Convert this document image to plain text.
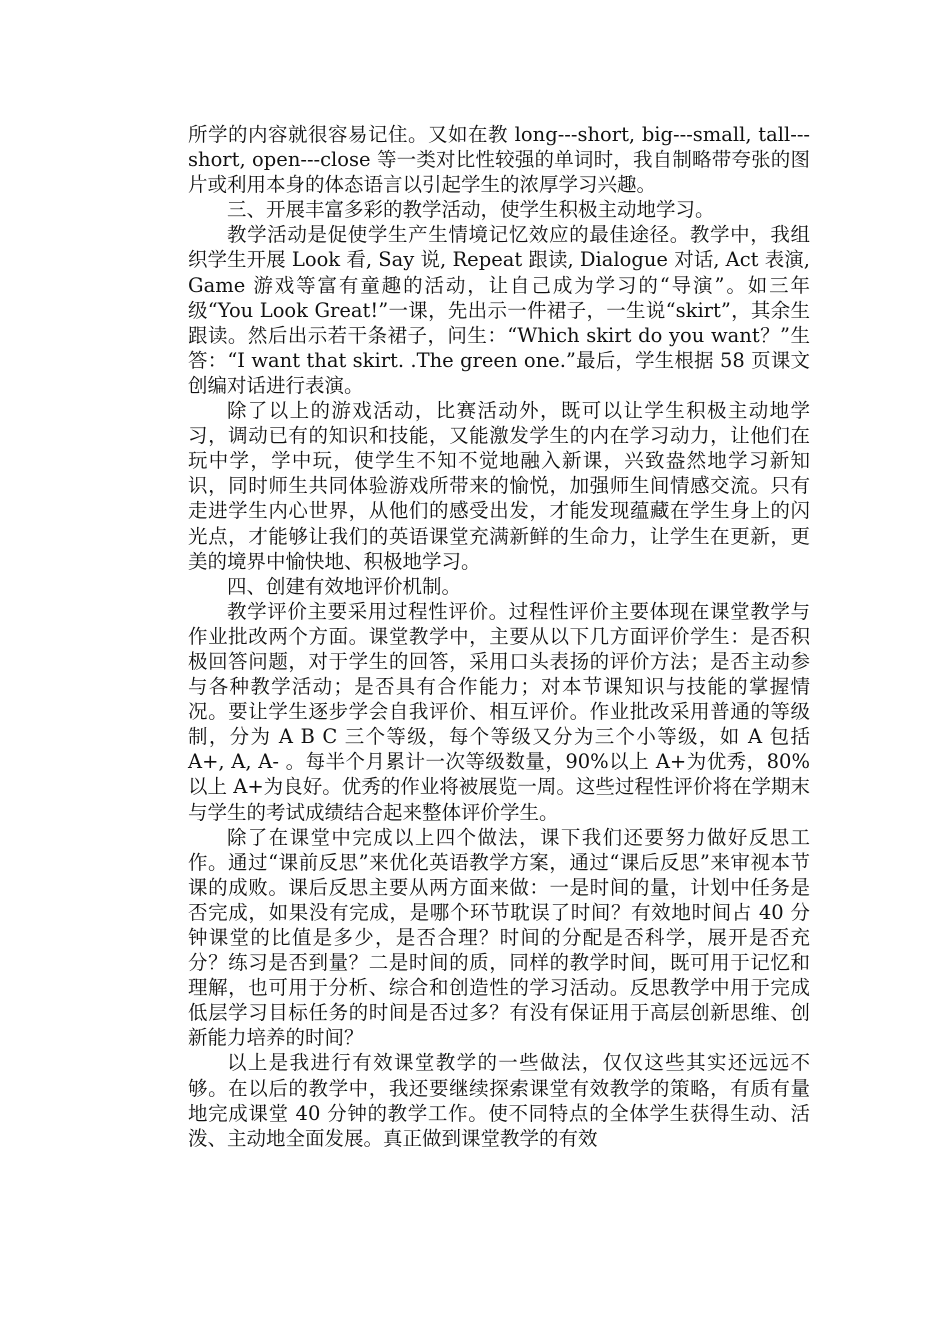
所学的内容就很容易记住。又如在教 long---short, big---small, tall---short, open---close 等一类对比性较强的单词时，我自制略带夸张的图片或利用本身的体态语言以引起学生的浓厚学习兴趣。

三、开展丰富多彩的教学活动，使学生积极主动地学习。

教学活动是促使学生产生情境记忆效应的最佳途径。教学中，我组织学生开展 Look 看, Say 说, Repeat 跟读, Dialogue 对话, Act 表演, Game 游戏等富有童趣的活动，让自己成为学习的“导演”。如三年级“You Look Great!”一课，先出示一件裙子，一生说“skirt”，其余生跟读。然后出示若干条裙子，问生：“Which skirt do you want？”生答：“I want that skirt. .The green one.”最后，学生根据 58 页课文创编对话进行表演。

除了以上的游戏活动，比赛活动外，既可以让学生积极主动地学习，调动已有的知识和技能，又能激发学生的内在学习动力，让他们在玩中学，学中玩，使学生不知不觉地融入新课，兴致盎然地学习新知识，同时师生共同体验游戏所带来的愉悦，加强师生间情感交流。只有走进学生内心世界，从他们的感受出发，才能发现蕴藏在学生身上的闪光点，才能够让我们的英语课堂充满新鲜的生命力，让学生在更新，更美的境界中愉快地、积极地学习。

四、创建有效地评价机制。

教学评价主要采用过程性评价。过程性评价主要体现在课堂教学与作业批改两个方面。课堂教学中，主要从以下几方面评价学生：是否积极回答问题，对于学生的回答，采用口头表扬的评价方法；是否主动参与各种教学活动；是否具有合作能力；对本节课知识与技能的掌握情况。要让学生逐步学会自我评价、相互评价。作业批改采用普通的等级制，分为 A B C 三个等级，每个等级又分为三个小等级，如 A 包括 A+, A, A- 。每半个月累计一次等级数量，90%以上 A+为优秀，80%以上 A+为良好。优秀的作业将被展览一周。这些过程性评价将在学期末与学生的考试成绩结合起来整体评价学生。

除了在课堂中完成以上四个做法，课下我们还要努力做好反思工作。通过“课前反思”来优化英语教学方案，通过“课后反思”来审视本节课的成败。课后反思主要从两方面来做：一是时间的量，计划中任务是否完成，如果没有完成，是哪个环节耽误了时间？有效地时间占 40 分钟课堂的比值是多少，是否合理？时间的分配是否科学，展开是否充分？练习是否到量？二是时间的质，同样的教学时间，既可用于记忆和理解，也可用于分析、综合和创造性的学习活动。反思教学中用于完成低层学习目标任务的时间是否过多？有没有保证用于高层创新思维、创新能力培养的时间？

以上是我进行有效课堂教学的一些做法，仅仅这些其实还远远不够。在以后的教学中，我还要继续探索课堂有效教学的策略，有质有量地完成课堂 40 分钟的教学工作。使不同特点的全体学生获得生动、活泼、主动地全面发展。真正做到课堂教学的有效
